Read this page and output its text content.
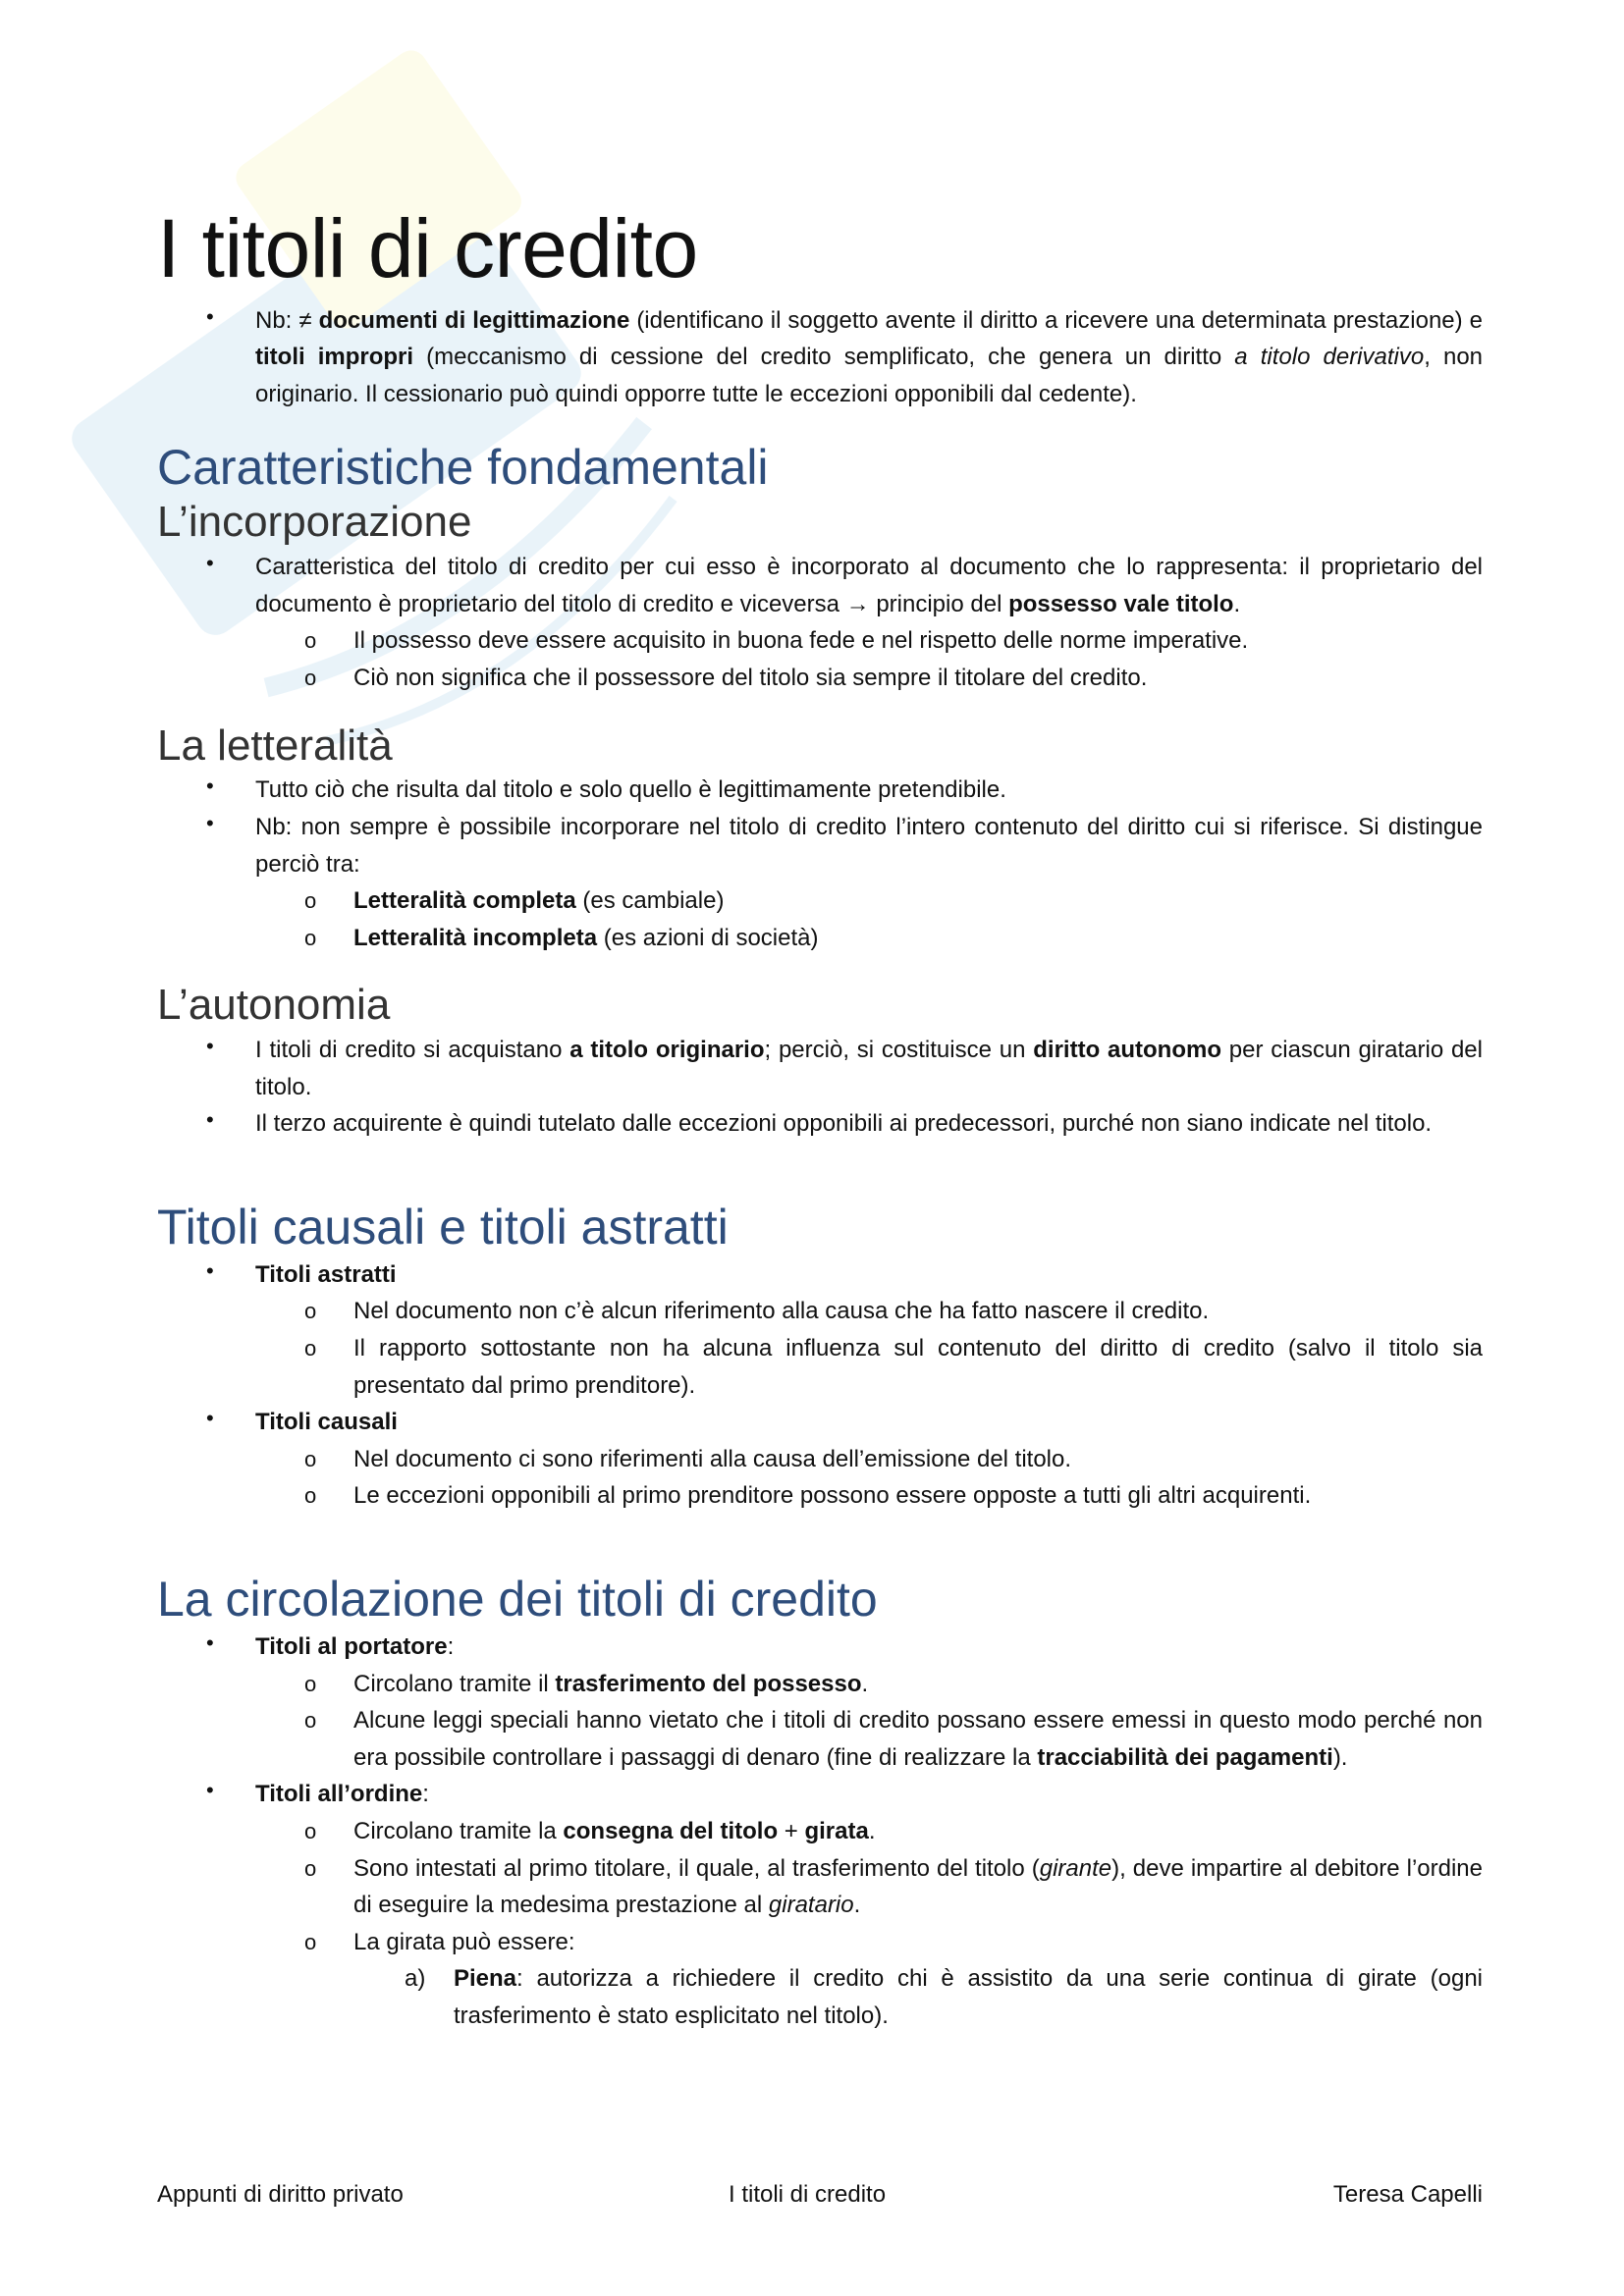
I titoli di credito
• Nb: ≠ documenti di legittimazione (identificano il soggetto avente il diritto a ricevere una determinata prestazione) e titoli impropri (meccanismo di cessione del credito semplificato, che genera un diritto a titolo derivativo, non originario. Il cessionario può quindi opporre tutte le eccezioni opponibili dal cedente).
Caratteristiche fondamentali
L’incorporazione
• Caratteristica del titolo di credito per cui esso è incorporato al documento che lo rappresenta: il proprietario del documento è proprietario del titolo di credito e viceversa → principio del possesso vale titolo.
o Il possesso deve essere acquisito in buona fede e nel rispetto delle norme imperative.
o Ciò non significa che il possessore del titolo sia sempre il titolare del credito.
La letteralità
• Tutto ciò che risulta dal titolo e solo quello è legittimamente pretendibile.
• Nb: non sempre è possibile incorporare nel titolo di credito l’intero contenuto del diritto cui si riferisce. Si distingue perciò tra:
o Letteralità completa (es cambiale)
o Letteralità incompleta (es azioni di società)
L’autonomia
• I titoli di credito si acquistano a titolo originario; perciò, si costituisce un diritto autonomo per ciascun giratario del titolo.
• Il terzo acquirente è quindi tutelato dalle eccezioni opponibili ai predecessori, purché non siano indicate nel titolo.
Titoli causali e titoli astratti
• Titoli astratti
o Nel documento non c’è alcun riferimento alla causa che ha fatto nascere il credito.
o Il rapporto sottostante non ha alcuna influenza sul contenuto del diritto di credito (salvo il titolo sia presentato dal primo prenditore).
• Titoli causali
o Nel documento ci sono riferimenti alla causa dell’emissione del titolo.
o Le eccezioni opponibili al primo prenditore possono essere opposte a tutti gli altri acquirenti.
La circolazione dei titoli di credito
• Titoli al portatore:
o Circolano tramite il trasferimento del possesso.
o Alcune leggi speciali hanno vietato che i titoli di credito possano essere emessi in questo modo perché non era possibile controllare i passaggi di denaro (fine di realizzare la tracciabilità dei pagamenti).
• Titoli all’ordine:
o Circolano tramite la consegna del titolo + girata.
o Sono intestati al primo titolare, il quale, al trasferimento del titolo (girante), deve impartire al debitore l’ordine di eseguire la medesima prestazione al giratario.
o La girata può essere:
a) Piena: autorizza a richiedere il credito chi è assistito da una serie continua di girate (ogni trasferimento è stato esplicitato nel titolo).
Appunti di diritto privato	I titoli di credito	Teresa Capelli
